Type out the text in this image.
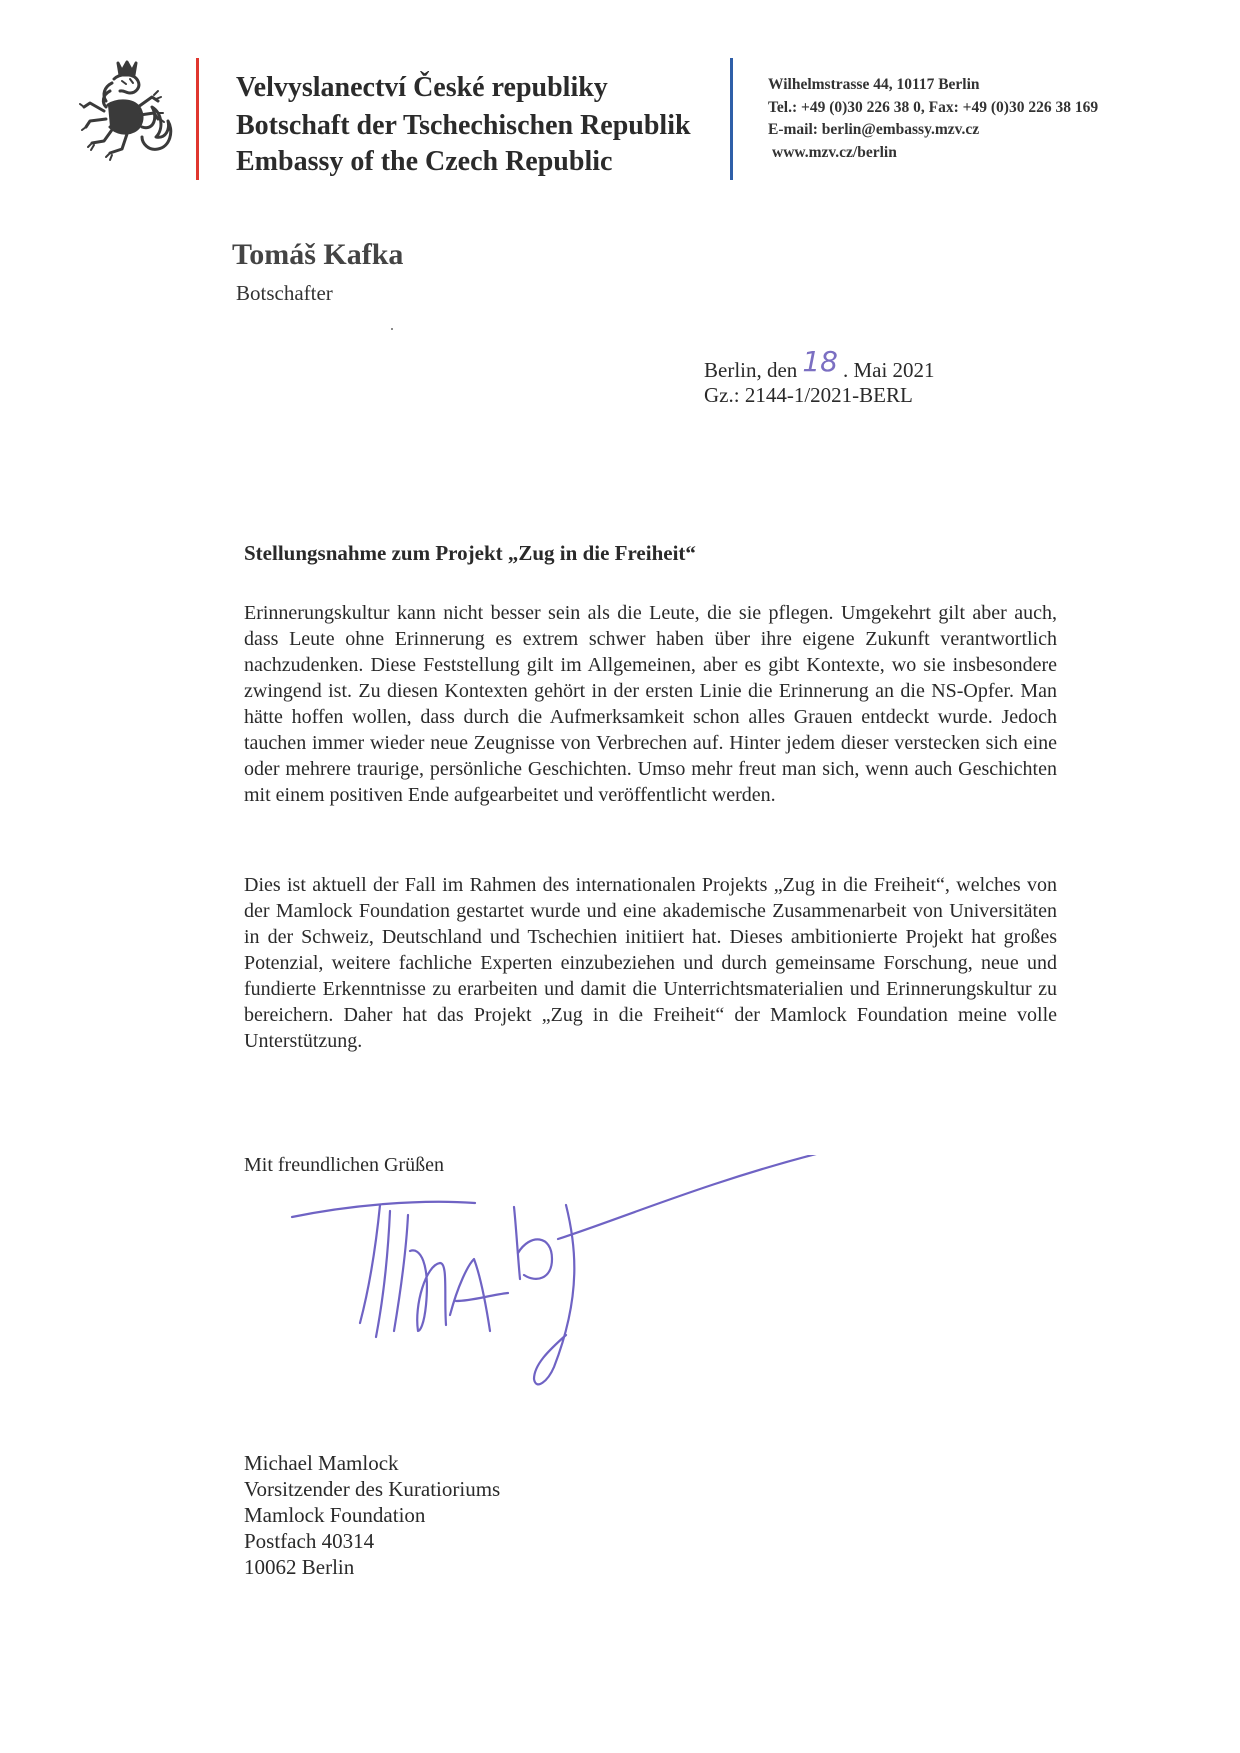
Velvyslanectví České republiky
Botschaft der Tschechischen Republik
Embassy of the Czech Republic
Wilhelmstrasse 44, 10117 Berlin
Tel.: +49 (0)30 226 38 0, Fax: +49 (0)30 226 38 169
E-mail: berlin@embassy.mzv.cz
www.mzv.cz/berlin
Tomáš Kafka
Botschafter
Berlin, den 18 . Mai 2021
Gz.: 2144-1/2021-BERL
Stellungsnahme zum Projekt „Zug in die Freiheit“
Erinnerungskultur kann nicht besser sein als die Leute, die sie pflegen. Umgekehrt gilt aber auch, dass Leute ohne Erinnerung es extrem schwer haben über ihre eigene Zukunft verantwortlich nachzudenken. Diese Feststellung gilt im Allgemeinen, aber es gibt Kontexte, wo sie insbesondere zwingend ist. Zu diesen Kontexten gehört in der ersten Linie die Erinnerung an die NS-Opfer. Man hätte hoffen wollen, dass durch die Aufmerksamkeit schon alles Grauen entdeckt wurde. Jedoch tauchen immer wieder neue Zeugnisse von Verbrechen auf. Hinter jedem dieser verstecken sich eine oder mehrere traurige, persönliche Geschichten. Umso mehr freut man sich, wenn auch Geschichten mit einem positiven Ende aufgearbeitet und veröffentlicht werden.
Dies ist aktuell der Fall im Rahmen des internationalen Projekts „Zug in die Freiheit“, welches von der Mamlock Foundation gestartet wurde und eine akademische Zusammenarbeit von Universitäten in der Schweiz, Deutschland und Tschechien initiiert hat. Dieses ambitionierte Projekt hat großes Potenzial, weitere fachliche Experten einzubeziehen und durch gemeinsame Forschung, neue und fundierte Erkenntnisse zu erarbeiten und damit die Unterrichtsmaterialien und Erinnerungskultur zu bereichern. Daher hat das Projekt „Zug in die Freiheit“ der Mamlock Foundation meine volle Unterstützung.
Mit freundlichen Grüßen
Michael Mamlock
Vorsitzender des Kuratioriums
Mamlock Foundation
Postfach 40314
10062 Berlin
